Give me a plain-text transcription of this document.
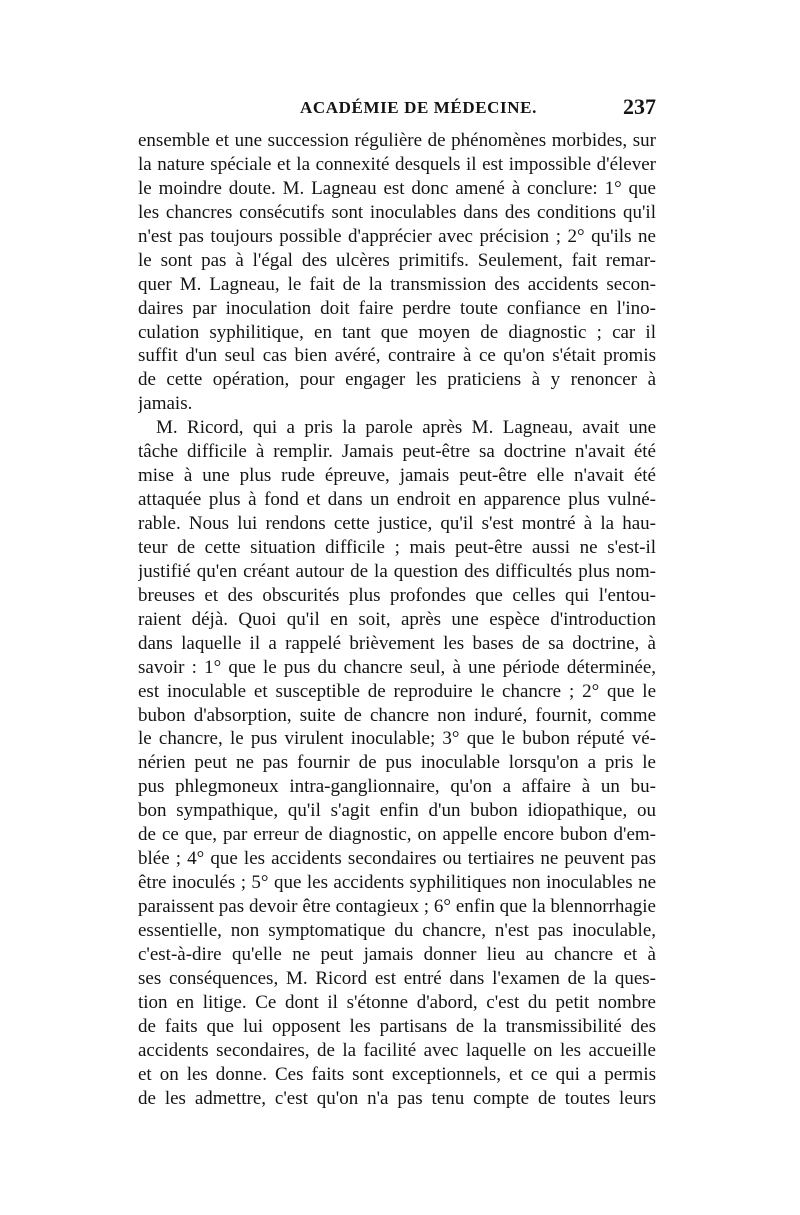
ACADÉMIE DE MÉDECINE.	237
ensemble et une succession régulière de phénomènes morbides, sur
la nature spéciale et la connexité desquels il est impossible d'élever
le moindre doute. M. Lagneau est donc amené à conclure: 1° que
les chancres consécutifs sont inoculables dans des conditions qu'il
n'est pas toujours possible d'apprécier avec précision ; 2° qu'ils ne
le sont pas à l'égal des ulcères primitifs. Seulement, fait remar-
quer M. Lagneau, le fait de la transmission des accidents secon-
daires par inoculation doit faire perdre toute confiance en l'ino-
culation syphilitique, en tant que moyen de diagnostic ; car il
suffit d'un seul cas bien avéré, contraire à ce qu'on s'était promis
de cette opération, pour engager les praticiens à y renoncer à
jamais.
M. Ricord, qui a pris la parole après M. Lagneau, avait une
tâche difficile à remplir. Jamais peut-être sa doctrine n'avait été
mise à une plus rude épreuve, jamais peut-être elle n'avait été
attaquée plus à fond et dans un endroit en apparence plus vulné-
rable. Nous lui rendons cette justice, qu'il s'est montré à la hau-
teur de cette situation difficile ; mais peut-être aussi ne s'est-il
justifié qu'en créant autour de la question des difficultés plus nom-
breuses et des obscurités plus profondes que celles qui l'entou-
raient déjà. Quoi qu'il en soit, après une espèce d'introduction
dans laquelle il a rappelé brièvement les bases de sa doctrine, à
savoir : 1° que le pus du chancre seul, à une période déterminée,
est inoculable et susceptible de reproduire le chancre ; 2° que le
bubon d'absorption, suite de chancre non induré, fournit, comme
le chancre, le pus virulent inoculable; 3° que le bubon réputé vé-
nérien peut ne pas fournir de pus inoculable lorsqu'on a pris le
pus phlegmoneux intra-ganglionnaire, qu'on a affaire à un bu-
bon sympathique, qu'il s'agit enfin d'un bubon idiopathique, ou
de ce que, par erreur de diagnostic, on appelle encore bubon d'em-
blée ; 4° que les accidents secondaires ou tertiaires ne peuvent pas
être inoculés ; 5° que les accidents syphilitiques non inoculables ne
paraissent pas devoir être contagieux ; 6° enfin que la blennorrhagie
essentielle, non symptomatique du chancre, n'est pas inoculable,
c'est-à-dire qu'elle ne peut jamais donner lieu au chancre et à
ses conséquences, M. Ricord est entré dans l'examen de la ques-
tion en litige. Ce dont il s'étonne d'abord, c'est du petit nombre
de faits que lui opposent les partisans de la transmissibilité des
accidents secondaires, de la facilité avec laquelle on les accueille
et on les donne. Ces faits sont exceptionnels, et ce qui a permis
de les admettre, c'est qu'on n'a pas tenu compte de toutes leurs
